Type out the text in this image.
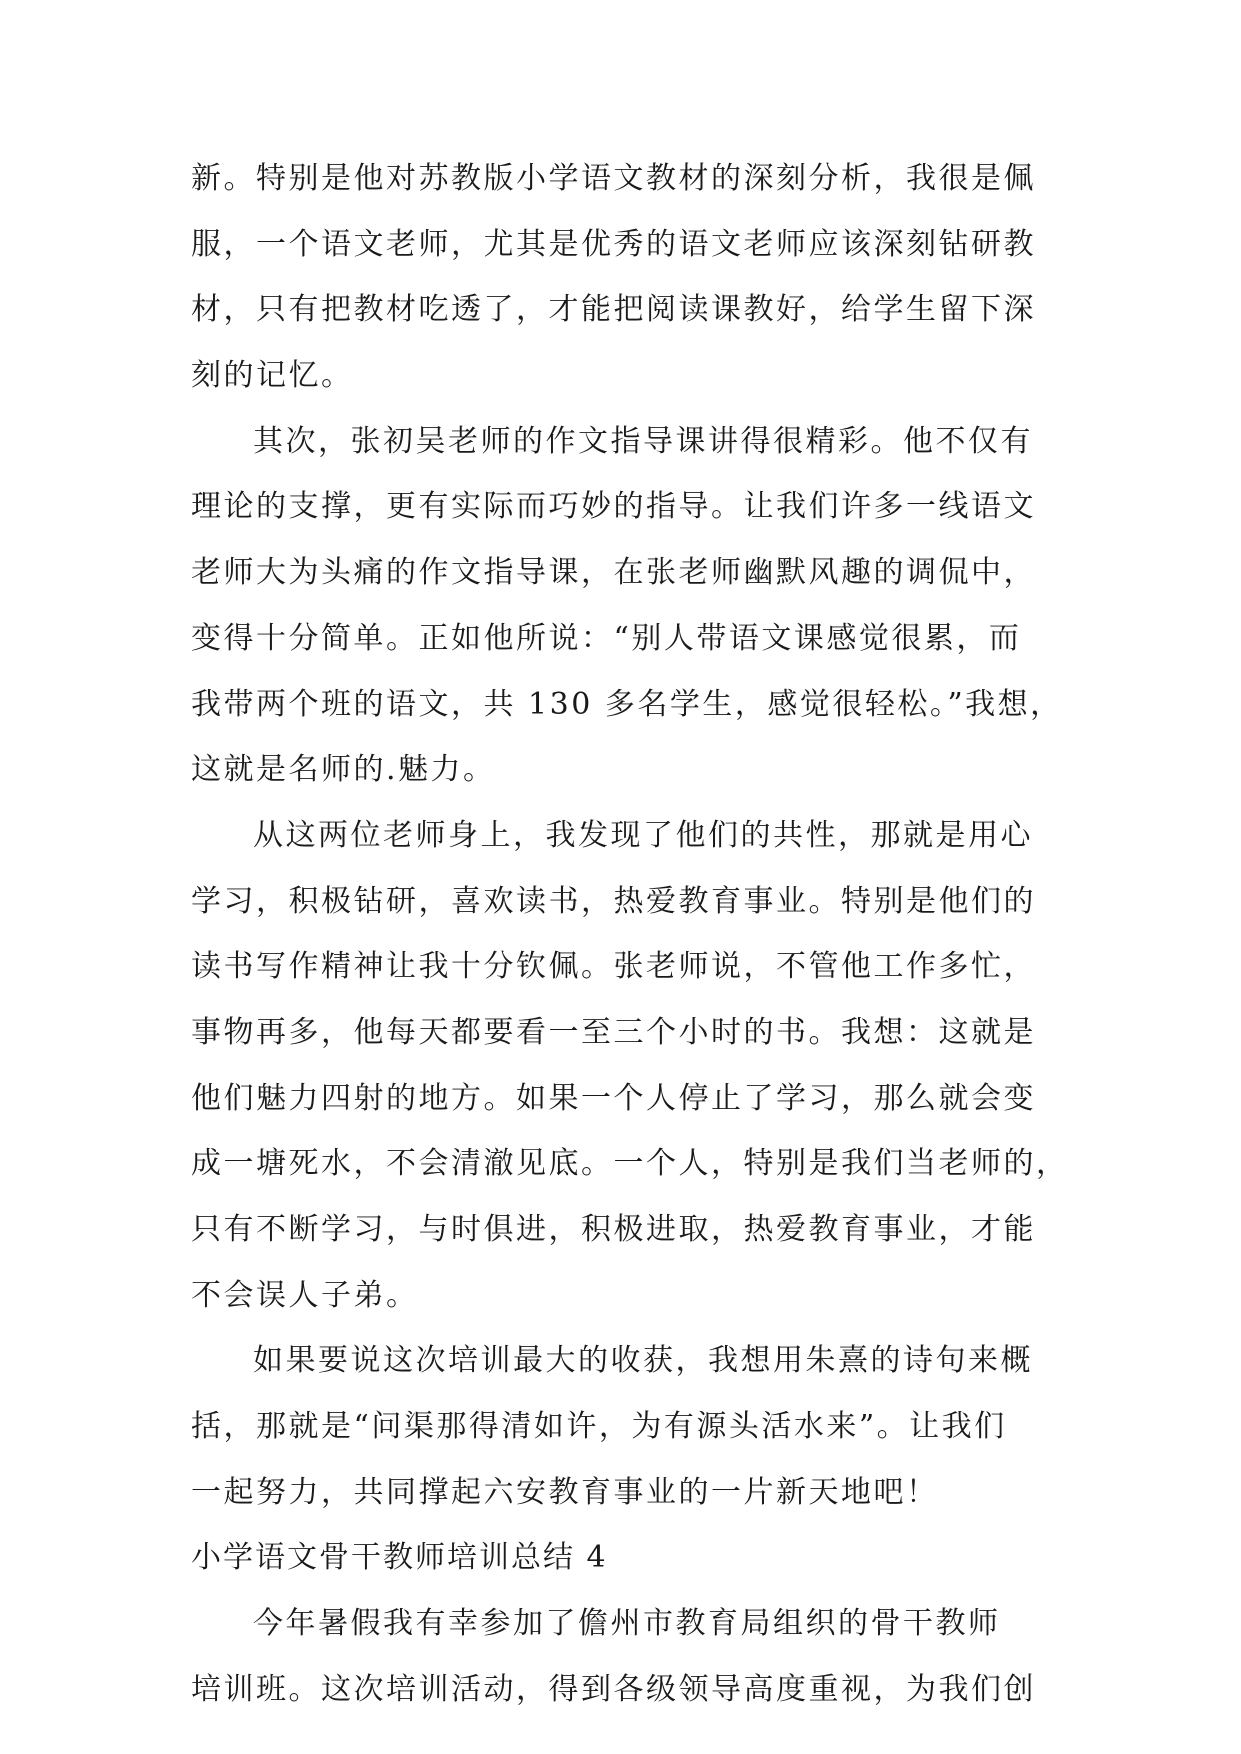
新。特别是他对苏教版小学语文教材的深刻分析，我很是佩
服，一个语文老师，尤其是优秀的语文老师应该深刻钻研教
材，只有把教材吃透了，才能把阅读课教好，给学生留下深
刻的记忆。
其次，张初吴老师的作文指导课讲得很精彩。他不仅有
理论的支撑，更有实际而巧妙的指导。让我们许多一线语文
老师大为头痛的作文指导课，在张老师幽默风趣的调侃中，
变得十分简单。正如他所说：“别人带语文课感觉很累，而
我带两个班的语文，共 130 多名学生，感觉很轻松。”我想，
这就是名师的.魅力。
从这两位老师身上，我发现了他们的共性，那就是用心
学习，积极钻研，喜欢读书，热爱教育事业。特别是他们的
读书写作精神让我十分钦佩。张老师说，不管他工作多忙，
事物再多，他每天都要看一至三个小时的书。我想：这就是
他们魅力四射的地方。如果一个人停止了学习，那么就会变
成一塘死水，不会清澈见底。一个人，特别是我们当老师的，
只有不断学习，与时俱进，积极进取，热爱教育事业，才能
不会误人子弟。
如果要说这次培训最大的收获，我想用朱熹的诗句来概
括，那就是“问渠那得清如许，为有源头活水来”。让我们
一起努力，共同撑起六安教育事业的一片新天地吧！
小学语文骨干教师培训总结 4
今年暑假我有幸参加了儋州市教育局组织的骨干教师
培训班。这次培训活动，得到各级领导高度重视，为我们创
